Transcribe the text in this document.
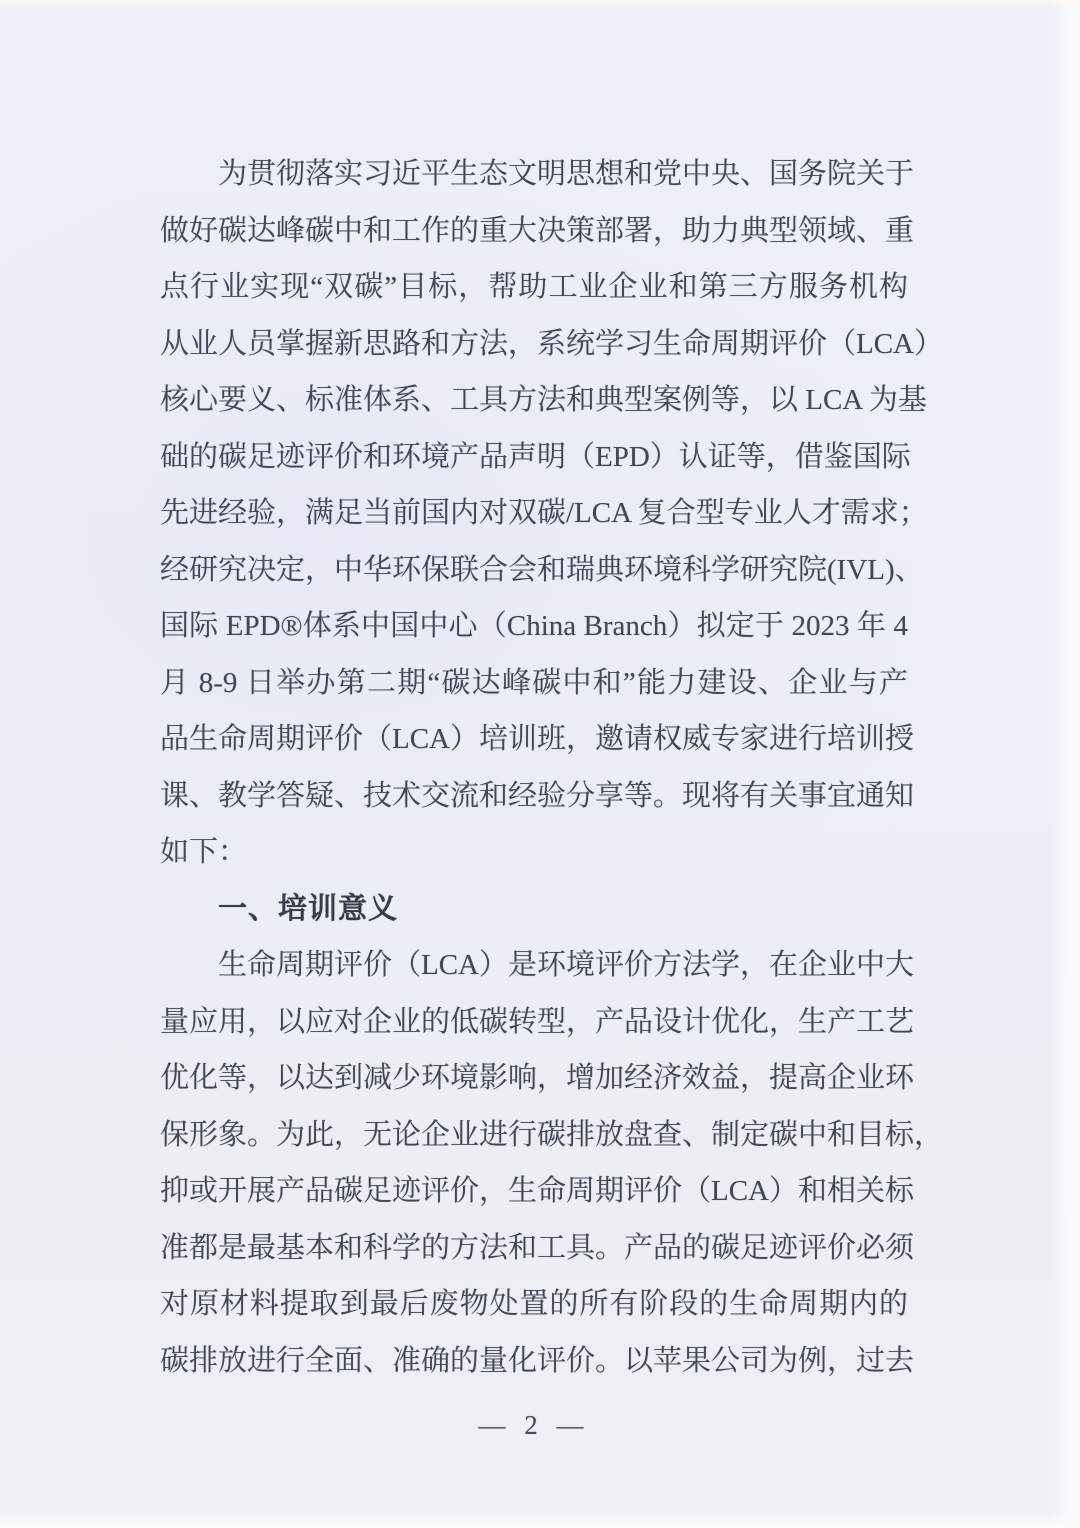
为贯彻落实习近平生态文明思想和党中央、国务院关于
做好碳达峰碳中和工作的重大决策部署，助力典型领域、重
点行业实现“双碳”目标，帮助工业企业和第三方服务机构
从业人员掌握新思路和方法，系统学习生命周期评价（LCA）
核心要义、标准体系、工具方法和典型案例等，以 LCA 为基
础的碳足迹评价和环境产品声明（EPD）认证等，借鉴国际
先进经验，满足当前国内对双碳/LCA 复合型专业人才需求；
经研究决定，中华环保联合会和瑞典环境科学研究院(IVL)、
国际 EPD®体系中国中心（China Branch）拟定于 2023 年 4
月 8-9 日举办第二期“碳达峰碳中和”能力建设、企业与产
品生命周期评价（LCA）培训班，邀请权威专家进行培训授
课、教学答疑、技术交流和经验分享等。现将有关事宜通知
如下：
一、培训意义
生命周期评价（LCA）是环境评价方法学，在企业中大
量应用，以应对企业的低碳转型，产品设计优化，生产工艺
优化等，以达到减少环境影响，增加经济效益，提高企业环
保形象。为此，无论企业进行碳排放盘查、制定碳中和目标，
抑或开展产品碳足迹评价，生命周期评价（LCA）和相关标
准都是最基本和科学的方法和工具。产品的碳足迹评价必须
对原材料提取到最后废物处置的所有阶段的生命周期内的
碳排放进行全面、准确的量化评价。以苹果公司为例，过去
— 2 —
